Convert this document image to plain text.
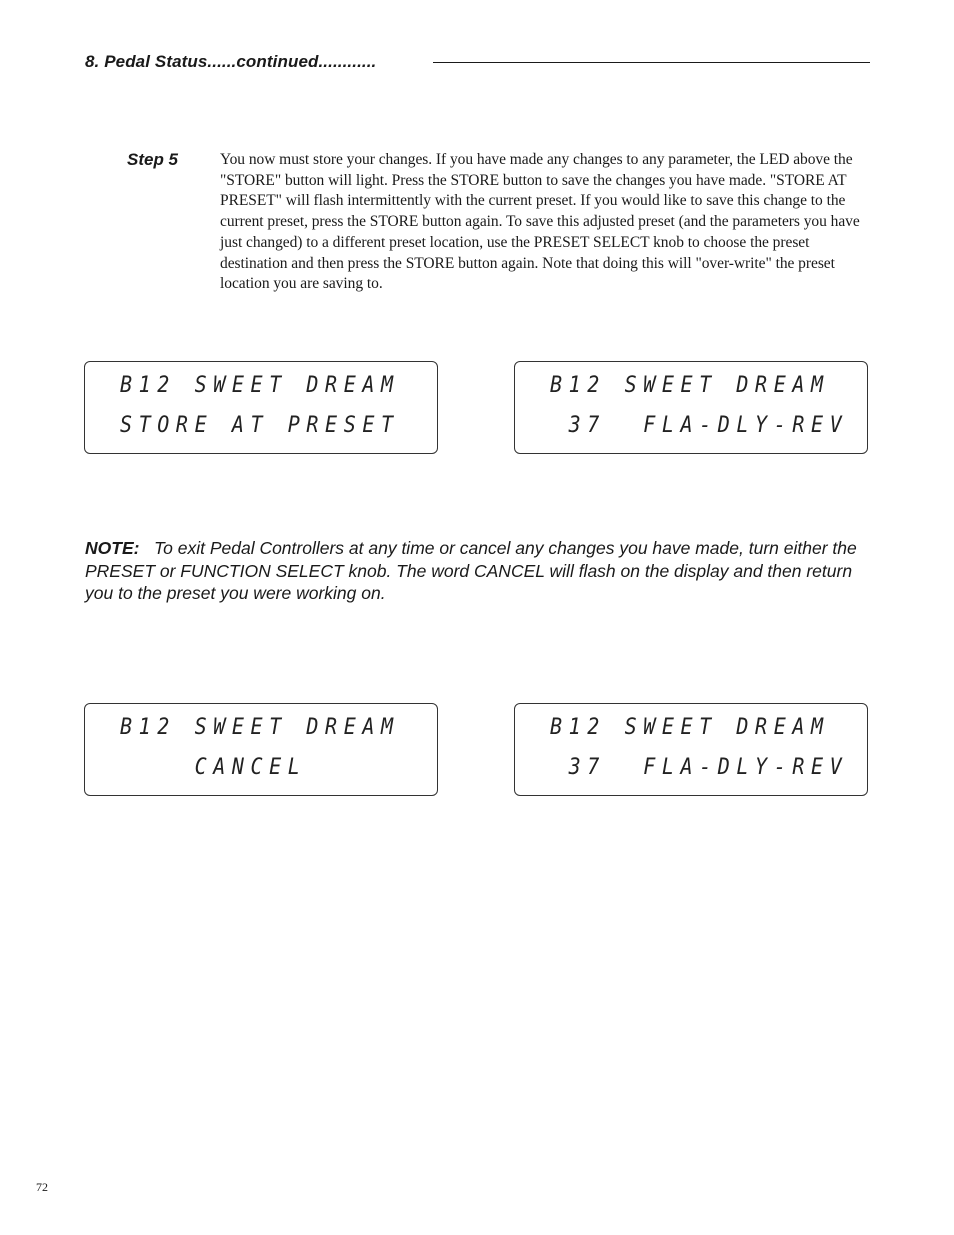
8. Pedal Status......continued............
Step 5	You now must store your changes. If you have made any changes to any parameter, the LED above the "STORE" button will light. Press the STORE button to save the changes you have made. "STORE AT PRESET" will flash intermittently with the current preset. If you would like to save this change to the current preset, press the STORE button again. To save this adjusted preset (and the parameters you have just changed) to a different preset location, use the PRESET SELECT knob to choose the preset destination and then press the STORE button again. Note that doing this will "over-write" the preset location you are saving to.

B12 SWEET DREAM
STORE AT PRESET
B12 SWEET DREAM
37  FLA-DLY-REV

NOTE: To exit Pedal Controllers at any time or cancel any changes you have made, turn either the PRESET or FUNCTION SELECT knob. The word CANCEL will flash on the display and then return you to the preset you were working on.

B12 SWEET DREAM
CANCEL
B12 SWEET DREAM
37  FLA-DLY-REV
72
